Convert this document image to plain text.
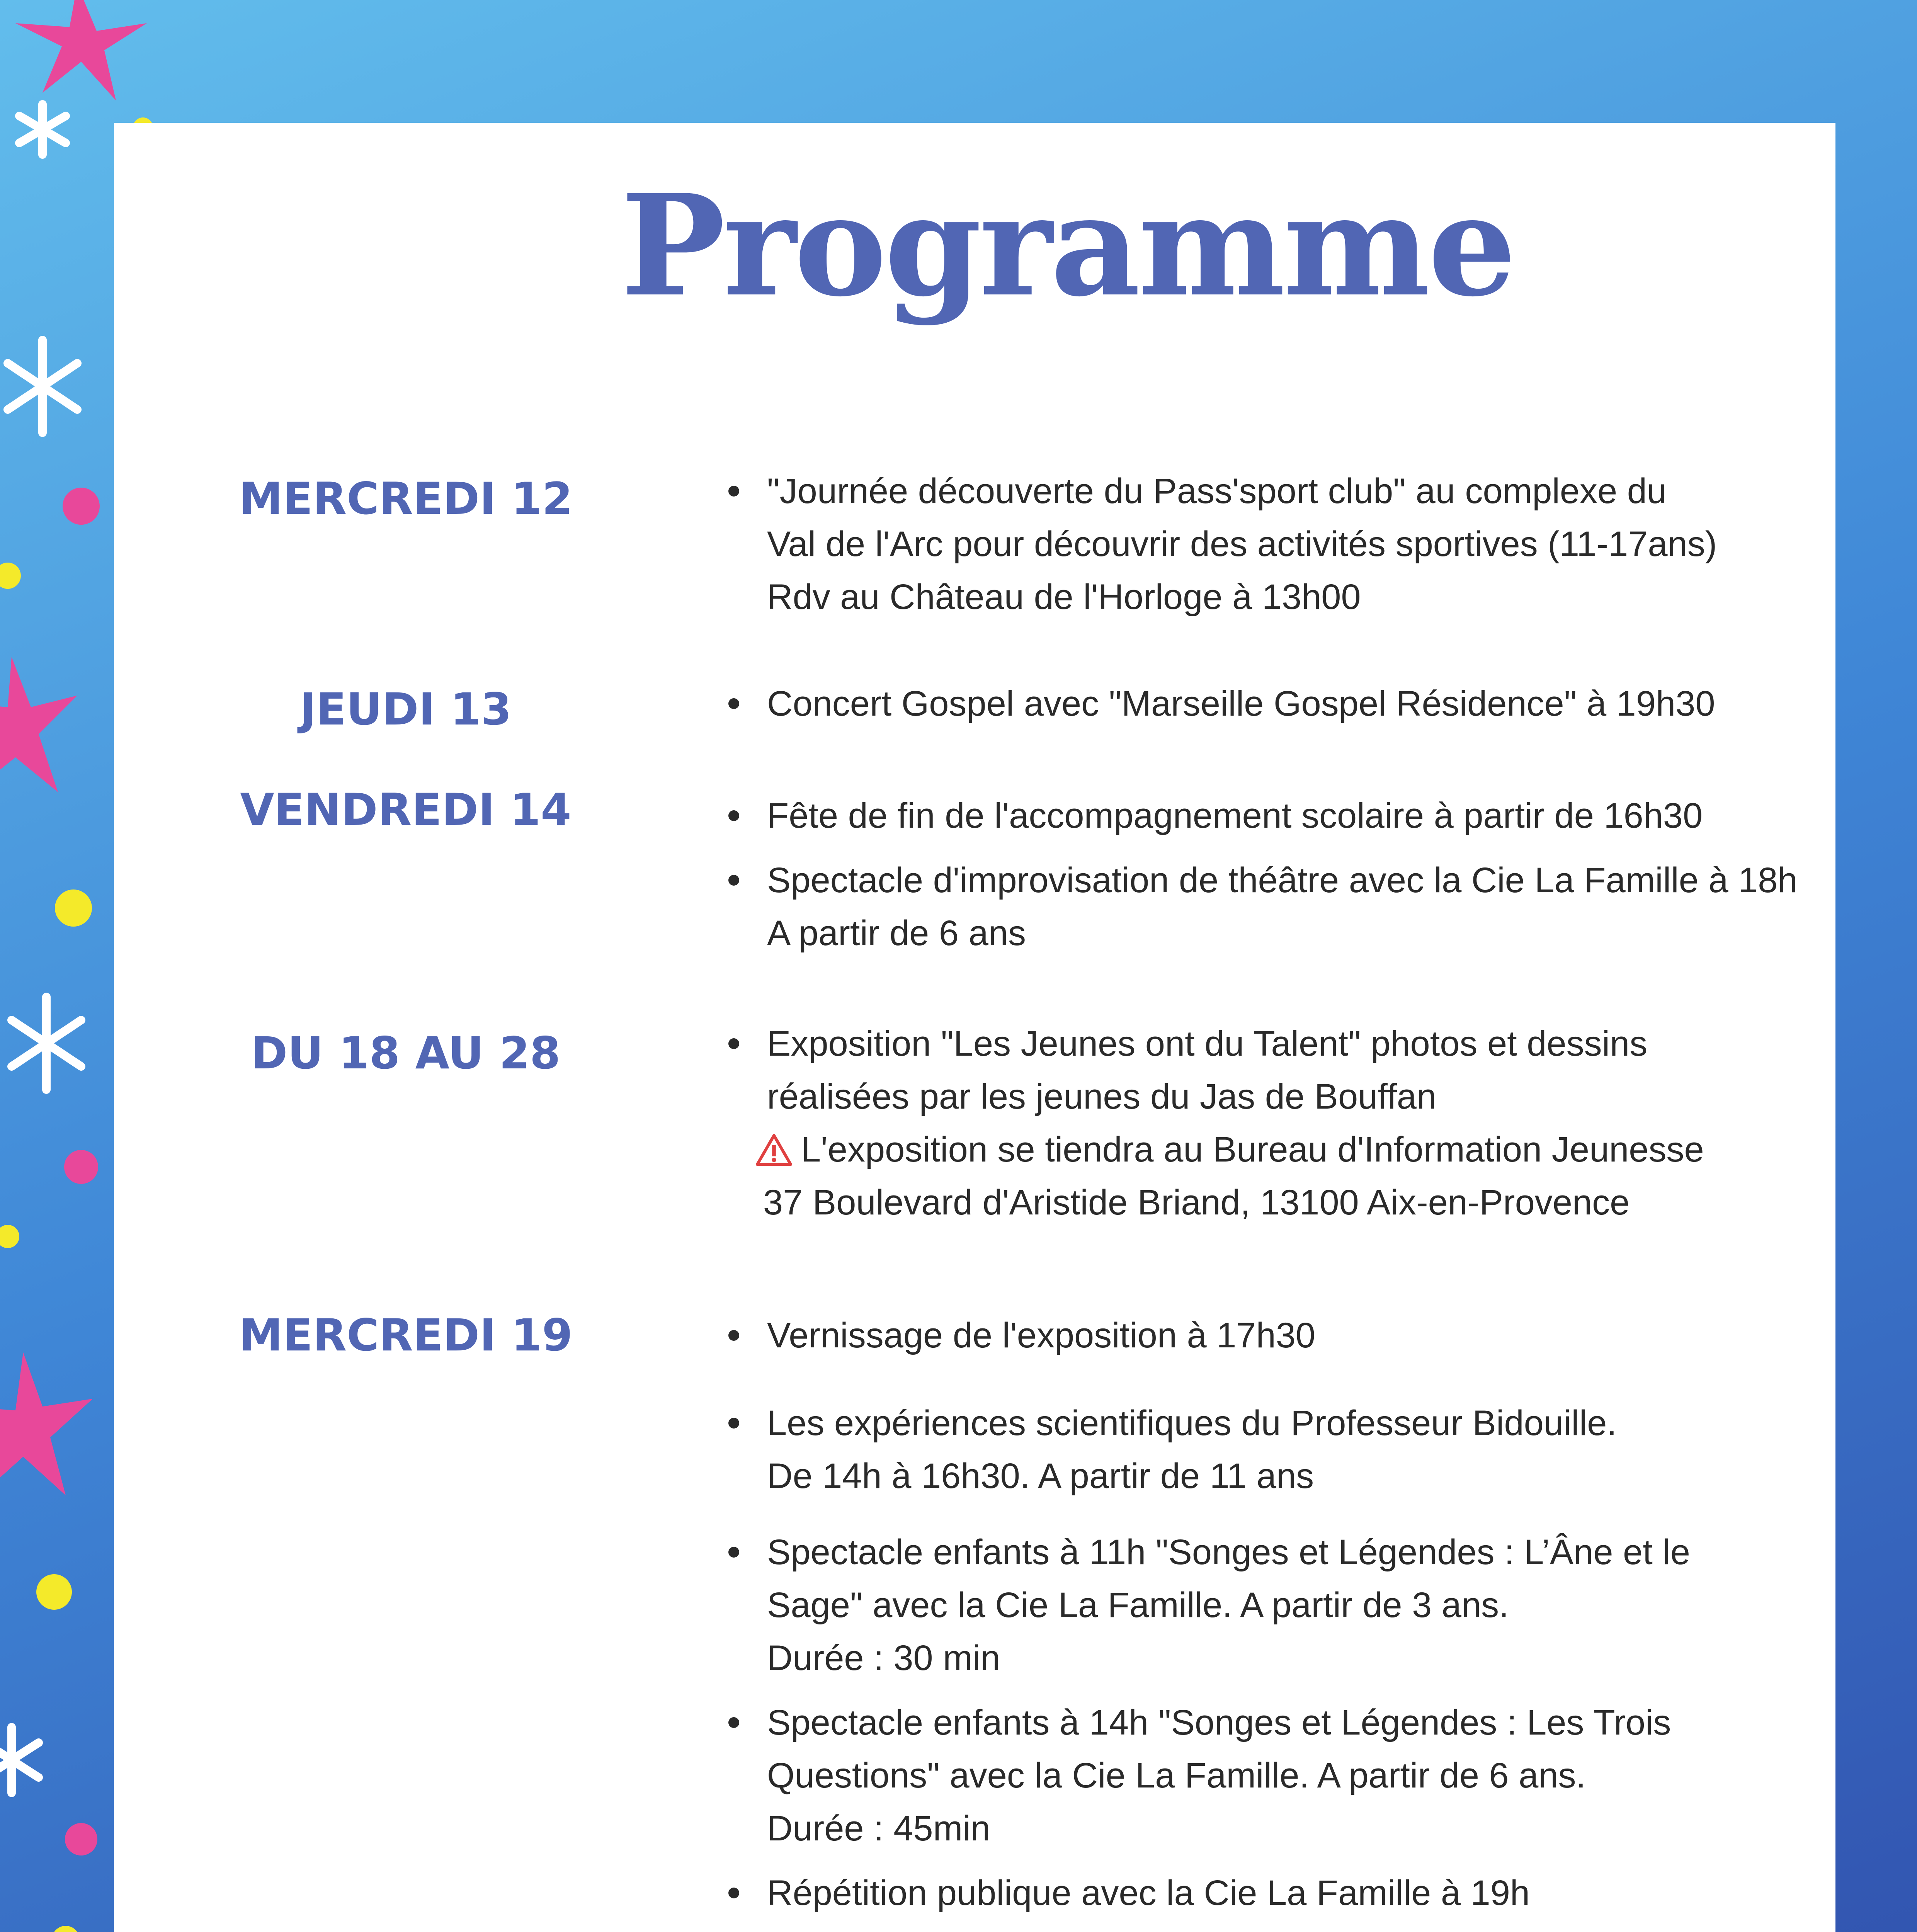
Programme
MERCREDI 12	"Journée découverte du Pass'sport club" au complexe du
Val de l'Arc pour découvrir des activités sportives (11-17ans)
Rdv au Château de l'Horloge à 13h00
JEUDI 13	Concert Gospel avec "Marseille Gospel Résidence" à 19h30
VENDREDI 14	Fête de fin de l'accompagnement scolaire à partir de 16h30
Spectacle d'improvisation de théâtre avec la Cie La Famille à 18h
A partir de 6 ans
DU 18 AU 28	Exposition "Les Jeunes ont du Talent" photos et dessins
réalisées par les jeunes du Jas de Bouffan
L'exposition se tiendra au Bureau d'Information Jeunesse
37 Boulevard d'Aristide Briand, 13100 Aix-en-Provence
MERCREDI 19	Vernissage de l'exposition à 17h30
Les expériences scientifiques du Professeur Bidouille.
De 14h à 16h30. A partir de 11 ans
Spectacle enfants à 11h "Songes et Légendes : L’Âne et le
Sage" avec la Cie La Famille. A partir de 3 ans.
Durée : 30 min
Spectacle enfants à 14h "Songes et Légendes : Les Trois
Questions" avec la Cie La Famille. A partir de 6 ans.
Durée : 45min
Répétition publique avec la Cie La Famille à 19h
